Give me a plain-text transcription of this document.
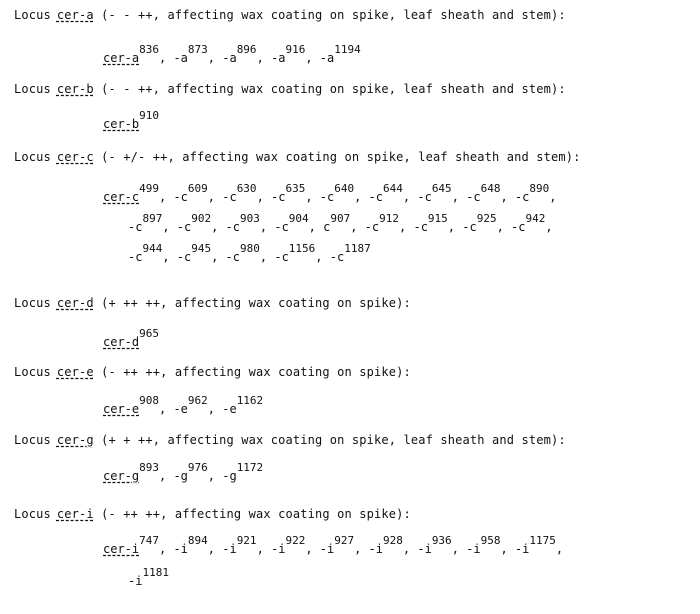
Locus cer-a (- - ++, affecting wax coating on spike, leaf sheath and stem):
cer-$a^{836}$, $-a^{873}$, $-a^{896}$, $-a^{916}$, $-a^{1194}$
Locus cer-b (- - ++, affecting wax coating on spike, leaf sheath and stem):
cer-$b^{910}$
Locus cer-c (- +/- ++, affecting wax coating on spike, leaf sheath and stem):
cer-$c^{499}$, $-c^{609}$, $-c^{630}$, $-c^{635}$, $-c^{640}$, $-c^{644}$, $-c^{645}$, $-c^{648}$, $-c^{890}$,
$-c^{897}$, $-c^{902}$, $-c^{903}$, $-c^{904}$, $c^{907}$, $-c^{912}$, $-c^{915}$, $-c^{925}$, $-c^{942}$,
$-c^{944}$, $-c^{945}$, $-c^{980}$, $-c^{1156}$, $-c^{1187}$
Locus cer-d (+ ++ ++, affecting wax coating on spike):
cer-$d^{965}$
Locus cer-e (- ++ ++, affecting wax coating on spike):
cer-$e^{908}$, $-e^{962}$, $-e^{1162}$
Locus cer-g (+ + ++, affecting wax coating on spike, leaf sheath and stem):
cer-$g^{893}$, $-g^{976}$, $-g^{1172}$
Locus cer-i (- ++ ++, affecting wax coating on spike):
cer-$i^{747}$, $-i^{894}$, $-i^{921}$, $-i^{922}$, $-i^{927}$, $-i^{928}$, $-i^{936}$, $-i^{958}$, $-i^{1175}$,
$-i^{1181}$
